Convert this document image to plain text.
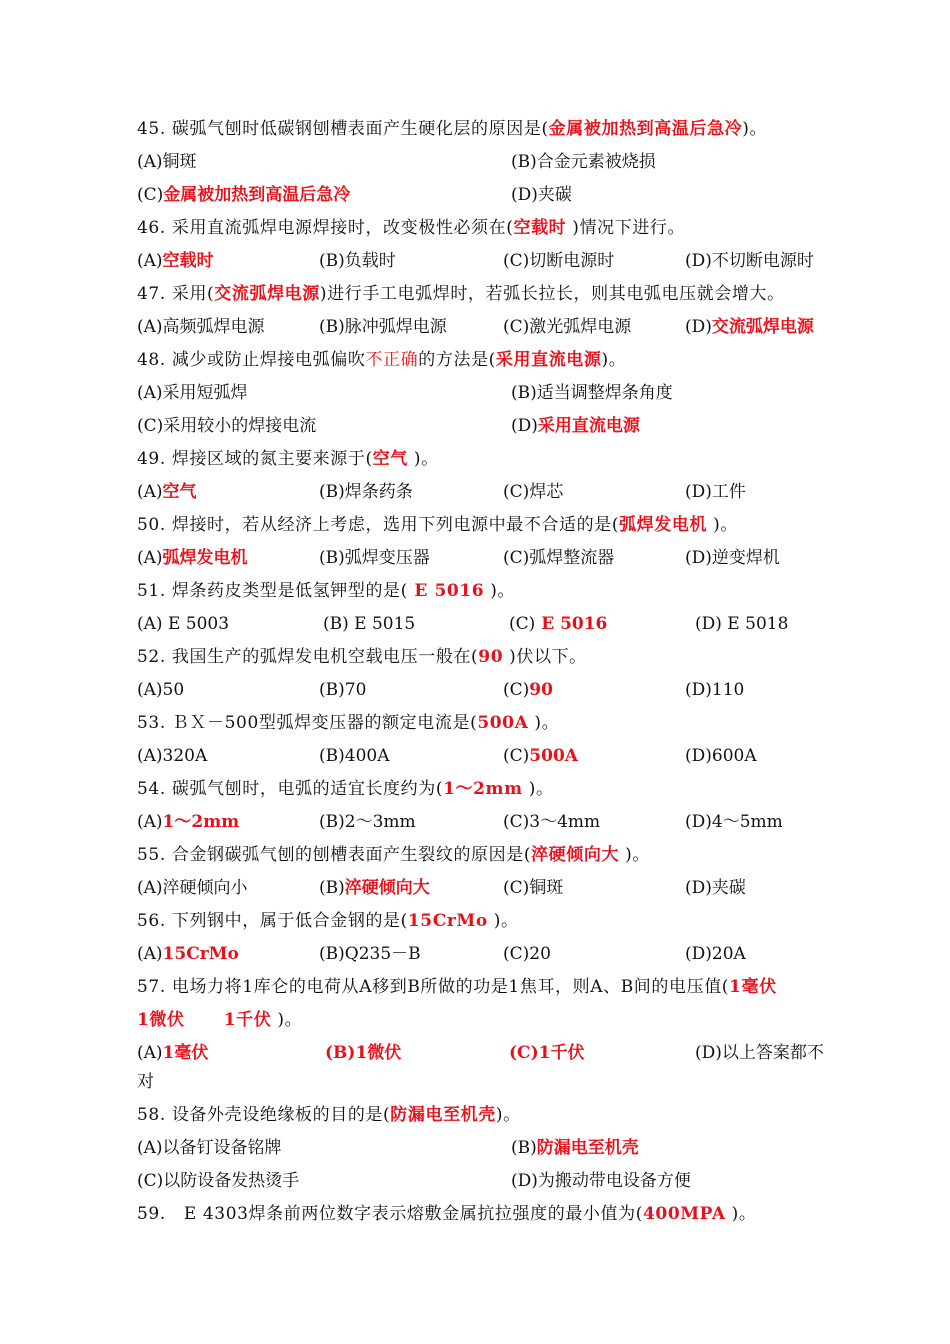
45. 碳弧气刨时低碳钢刨槽表面产生硬化层的原因是(金属被加热到高温后急冷)。
(A)铜斑	(B)合金元素被烧损
(C)金属被加热到高温后急冷	(D)夹碳
46. 采用直流弧焊电源焊接时，改变极性必须在(空载时 )情况下进行。
(A)空载时	(B)负载时	(C)切断电源时	(D)不切断电源时
47. 采用(交流弧焊电源)进行手工电弧焊时，若弧长拉长，则其电弧电压就会增大。
(A)高频弧焊电源	(B)脉冲弧焊电源	(C)激光弧焊电源	(D)交流弧焊电源
48. 减少或防止焊接电弧偏吹不正确的方法是(采用直流电源)。
(A)采用短弧焊	(B)适当调整焊条角度
(C)采用较小的焊接电流	(D)采用直流电源
49. 焊接区域的氮主要来源于(空气 )。
(A)空气	(B)焊条药条	(C)焊芯	(D)工件
50. 焊接时，若从经济上考虑，选用下列电源中最不合适的是(弧焊发电机 )。
(A)弧焊发电机	(B)弧焊变压器	(C)弧焊整流器	(D)逆变焊机
51. 焊条药皮类型是低氢钾型的是( E 5016 )。
(A) E 5003	(B) E 5015	(C) E 5016	(D) E 5018
52. 我国生产的弧焊发电机空载电压一般在(90 )伏以下。
(A)50	(B)70	(C)90	(D)110
53. ＢＸ－500型弧焊变压器的额定电流是(500A )。
(A)320A	(B)400A	(C)500A	(D)600A
54. 碳弧气刨时，电弧的适宜长度约为(1～2mm )。
(A)1～2mm	(B)2～3mm	(C)3～4mm	(D)4～5mm
55. 合金钢碳弧气刨的刨槽表面产生裂纹的原因是(淬硬倾向大 )。
(A)淬硬倾向小	(B)淬硬倾向大	(C)铜斑	(D)夹碳
56. 下列钢中，属于低合金钢的是(15CrMo )。
(A)15CrMo	(B)Q235－B	(C)20	(D)20A
57. 电场力将1库仑的电荷从A移到B所做的功是1焦耳，则A、B间的电压值(1毫伏
1微伏      1千伏 )。
(A)1毫伏	(B)1微伏	(C)1千伏	(D)以上答案都不
对
58. 设备外壳设绝缘板的目的是(防漏电至机壳)。
(A)以备钉设备铭牌	(B)防漏电至机壳
(C)以防设备发热烫手	(D)为搬动带电设备方便
59.   E 4303焊条前两位数字表示熔敷金属抗拉强度的最小值为(400MPA )。
